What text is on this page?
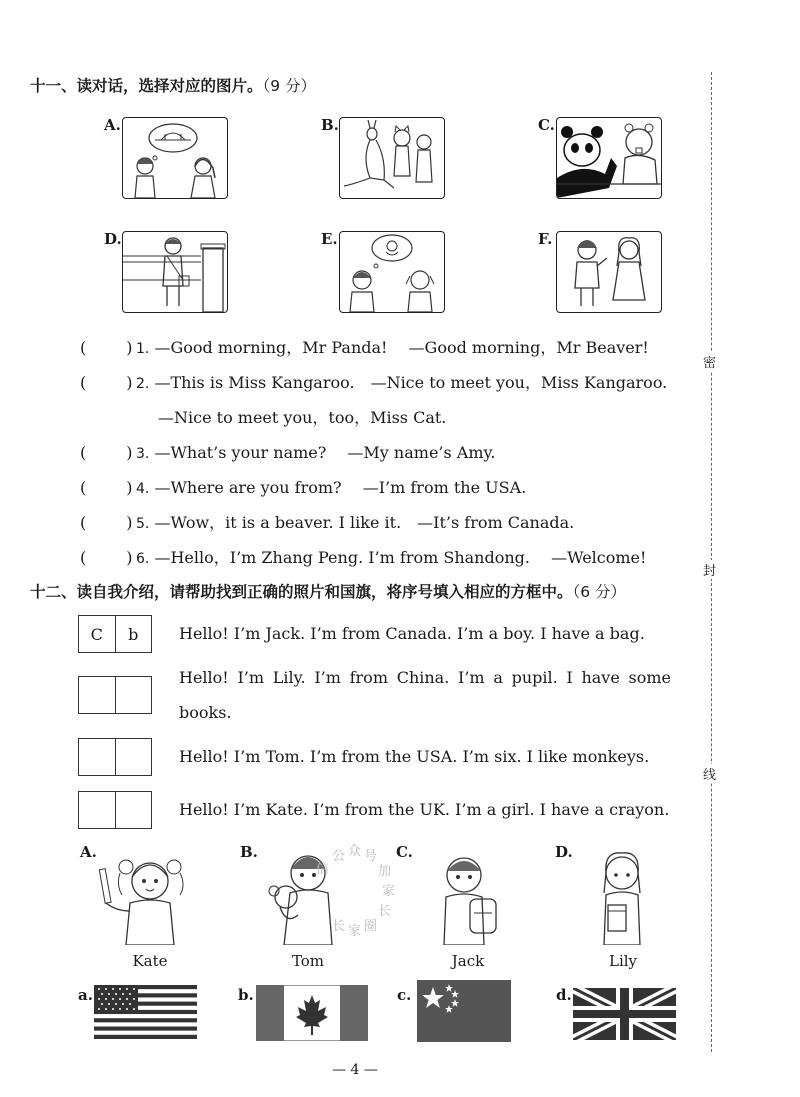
十一、读对话，选择对应的图片。（9 分）
A.	B.	C.
D.	E.	F.
(	) 1. —Good morning，Mr Panda!　 —Good morning，Mr Beaver!
(	) 2. —This is Miss Kangaroo.　—Nice to meet you，Miss Kangaroo.
—Nice to meet you，too，Miss Cat.
(	) 3. —What’s your name?　 —My name’s Amy.
(	) 4. —Where are you from?　 —I’m from the USA.
(	) 5. —Wow，it is a beaver. I like it.　—It’s from Canada.
(	) 6. —Hello，I’m Zhang Peng. I’m from Shandong.　 —Welcome!
十二、读自我介绍，请帮助找到正确的照片和国旗，将序号填入相应的方框中。（6 分）
C	b	Hello! I’m Jack. I’m from Canada. I’m a boy. I have a bag.
Hello! I’m Lily. I’m from China. I’m a pupil. I have some books.
Hello! I’m Tom. I’m from the USA. I’m six. I like monkeys.
Hello! I’m Kate. I’m from the UK. I’m a girl. I have a crayon.
A.
Kate
B.
Tom
C.
Jack
D.
Lily
a.	b.	c.	d.
信
公 众 号
加
家
长
圈
家
长
密
封
线
— 4 —
